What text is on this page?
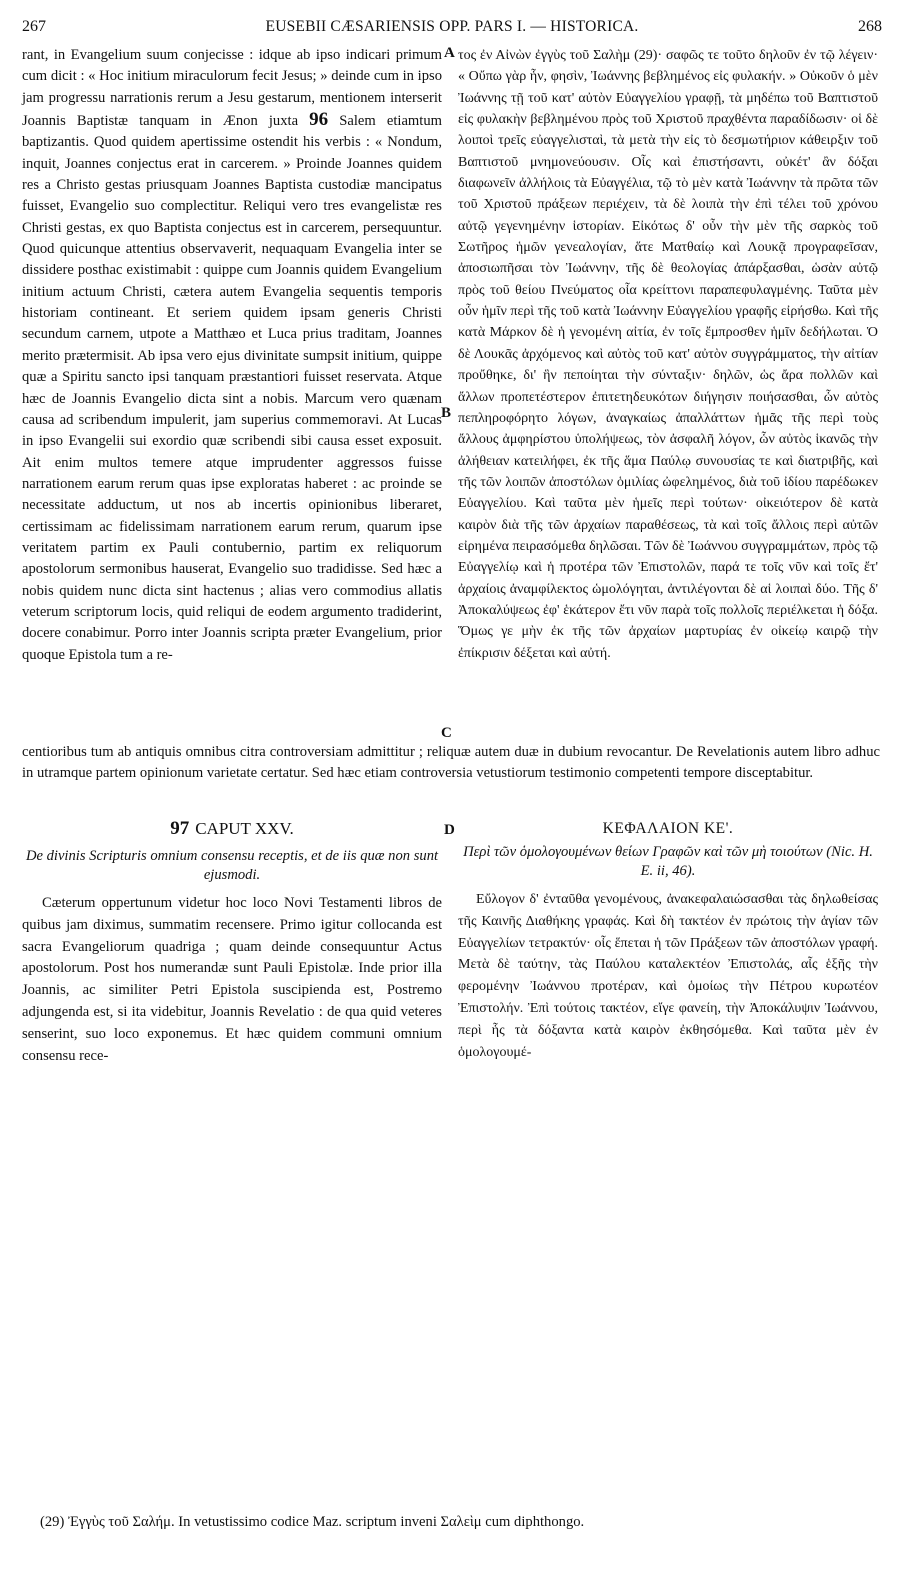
267	EUSEBII CÆSARIENSIS OPP. PARS I. — HISTORICA.	268

rant, in Evangelium suum conjecisse : idque ab ipso indicari primum cum dicit : « Hoc initium miraculorum fecit Jesus; » deinde cum in ipso jam progressu narrationis rerum a Jesu gestarum, mentionem interserit Joannis Baptistæ tanquam in Ænon juxta 96 Salem etiamtum baptizantis. Quod quidem apertissime ostendit his verbis : « Nondum, inquit, Joannes conjectus erat in carcerem. » Proinde Joannes quidem res a Christo gestas priusquam Joannes Baptista custodiæ mancipatus fuisset, Evangelio suo complectitur. Reliqui vero tres evangelistæ res Christi gestas, ex quo Baptista conjectus est in carcerem, persequuntur. Quod quicunque attentius observaverit, nequaquam Evangelia inter se dissidere posthac existimabit : quippe cum Joannis quidem Evangelium initium actuum Christi, cætera autem Evangelia sequentis temporis historiam contineant. Et seriem quidem ipsam generis Christi secundum carnem, utpote a Matthæo et Luca prius traditam, Joannes merito prætermisit. Ab ipsa vero ejus divinitate sumpsit initium, quippe quæ a Spiritu sancto ipsi tanquam præstantiori fuisset reservata. Atque hæc de Joannis Evangelio dicta sint a nobis. Marcum vero quænam causa ad scribendum impulerit, jam superius commemoravi. At Lucas in ipso Evangelii sui exordio quæ scribendi sibi causa esset exposuit. Ait enim multos temere atque imprudenter aggressos fuisse narrationem earum rerum quas ipse exploratas haberet : ac proinde se necessitate adductum, ut nos ab incertis opinionibus liberaret, certissimam ac fidelissimam narrationem earum rerum, quarum ipse veritatem partim ex Pauli contubernio, partim ex reliquorum apostolorum sermonibus hauserat, Evangelio suo tradidisse. Sed hæc a nobis quidem nunc dicta sint hactenus ; alias vero commodius allatis veterum scriptorum locis, quid reliqui de eodem argumento tradiderint, docere conabimur. Porro inter Joannis scripta præter Evangelium, prior quoque Epistola tum a re-

A
B
C
D

τος ἐν Αἰνὼν ἐγγὺς τοῦ Σαλὴμ (29)· σαφῶς τε τοῦτο δηλοῦν ἐν τῷ λέγειν· « Οὔπω γὰρ ἦν, φησὶν, Ἰωάννης βεβλημένος εἰς φυλακήν. » Οὐκοῦν ὁ μὲν Ἰωάννης τῇ τοῦ κατ' αὐτὸν Εὐαγγελίου γραφῇ, τὰ μηδέπω τοῦ Βαπτιστοῦ εἰς φυλακὴν βεβλημένου πρὸς τοῦ Χριστοῦ πραχθέντα παραδίδωσιν· οἱ δὲ λοιποὶ τρεῖς εὐαγγελισταὶ, τὰ μετὰ τὴν εἰς τὸ δεσμωτήριον κάθειρξιν τοῦ Βαπτιστοῦ μνημονεύουσιν. Οἷς καὶ ἐπιστήσαντι, οὐκέτ' ἂν δόξαι διαφωνεῖν ἀλλήλοις τὰ Εὐαγγέλια, τῷ τὸ μὲν κατὰ Ἰωάννην τὰ πρῶτα τῶν τοῦ Χριστοῦ πράξεων περιέχειν, τὰ δὲ λοιπὰ τὴν ἐπὶ τέλει τοῦ χρόνου αὐτῷ γεγενημένην ἱστορίαν. Εἰκότως δ' οὖν τὴν μὲν τῆς σαρκὸς τοῦ Σωτῆρος ἡμῶν γενεαλογίαν, ἅτε Ματθαίῳ καὶ Λουκᾷ προγραφεῖσαν, ἀποσιωπῆσαι τὸν Ἰωάννην, τῆς δὲ θεολογίας ἀπάρξασθαι, ὡσὰν αὐτῷ πρὸς τοῦ θείου Πνεύματος οἷα κρείττονι παραπεφυλαγμένης. Ταῦτα μὲν οὖν ἡμῖν περὶ τῆς τοῦ κατὰ Ἰωάννην Εὐαγγελίου γραφῆς εἰρήσθω. Καὶ τῆς κατὰ Μάρκον δὲ ἡ γενομένη αἰτία, ἐν τοῖς ἔμπροσθεν ἡμῖν δεδήλωται. Ὁ δὲ Λουκᾶς ἀρχόμενος καὶ αὐτὸς τοῦ κατ' αὐτὸν συγγράμματος, τὴν αἰτίαν προὔθηκε, δι' ἣν πεποίηται τὴν σύνταξιν· δηλῶν, ὡς ἄρα πολλῶν καὶ ἄλλων προπετέστερον ἐπιτετηδευκότων διήγησιν ποιήσασθαι, ὧν αὐτὸς πεπληροφόρητο λόγων, ἀναγκαίως ἀπαλλάττων ἡμᾶς τῆς περὶ τοὺς ἄλλους ἀμφηρίστου ὑπολήψεως, τὸν ἀσφαλῆ λόγον, ὧν αὐτὸς ἱκανῶς τὴν ἀλήθειαν κατειλήφει, ἐκ τῆς ἅμα Παύλῳ συνουσίας τε καὶ διατριβῆς, καὶ τῆς τῶν λοιπῶν ἀποστόλων ὁμιλίας ὠφελημένος, διὰ τοῦ ἰδίου παρέδωκεν Εὐαγγελίου. Καὶ ταῦτα μὲν ἡμεῖς περὶ τούτων· οἰκειότερον δὲ κατὰ καιρὸν διὰ τῆς τῶν ἀρχαίων παραθέσεως, τὰ καὶ τοῖς ἄλλοις περὶ αὐτῶν εἰρημένα πειρασόμεθα δηλῶσαι. Τῶν δὲ Ἰωάννου συγγραμμάτων, πρὸς τῷ Εὐαγγελίῳ καὶ ἡ προτέρα τῶν Ἐπιστολῶν, παρά τε τοῖς νῦν καὶ τοῖς ἔτ' ἀρχαίοις ἀναμφίλεκτος ὡμολόγηται, ἀντιλέγονται δὲ αἱ λοιπαὶ δύο. Τῆς δ' Ἀποκαλύψεως ἐφ' ἑκάτερον ἔτι νῦν παρὰ τοῖς πολλοῖς περιέλκεται ἡ δόξα. Ὅμως γε μὴν ἐκ τῆς τῶν ἀρχαίων μαρτυρίας ἐν οἰκείῳ καιρῷ τὴν ἐπίκρισιν δέξεται καὶ αὐτή.

centioribus tum ab antiquis omnibus citra controversiam admittitur ; reliquæ autem duæ in dubium revocantur. De Revelationis autem libro adhuc in utramque partem opinionum varietate certatur. Sed hæc etiam controversia vetustiorum testimonio competenti tempore disceptabitur.

97 CAPUT XXV.	ΚΕΦΑΛΑΙΟΝ ΚΕ'.
De divinis Scripturis omnium consensu receptis, et de iis quæ non sunt ejusmodi.
Περὶ τῶν ὁμολογουμένων θείων Γραφῶν καὶ τῶν μὴ τοιούτων (Nic. H. E. ii, 46).
Cæterum oppertunum videtur hoc loco Novi Testamenti libros de quibus jam diximus, summatim recensere. Primo igitur collocanda est sacra Evangeliorum quadriga ; quam deinde consequuntur Actus apostolorum. Post hos numerandæ sunt Pauli Epistolæ. Inde prior illa Joannis, ac similiter Petri Epistola suscipienda est, Postremo adjungenda est, si ita videbitur, Joannis Revelatio : de qua quid veteres senserint, suo loco exponemus. Et hæc quidem communi omnium consensu rece-
Εὔλογον δ' ἐνταῦθα γενομένους, ἀνακεφαλαιώσασθαι τὰς δηλωθείσας τῆς Καινῆς Διαθήκης γραφάς. Καὶ δὴ τακτέον ἐν πρώτοις τὴν ἁγίαν τῶν Εὐαγγελίων τετρακτύν· οἷς ἕπεται ἡ τῶν Πράξεων τῶν ἀποστόλων γραφή. Μετὰ δὲ ταύτην, τὰς Παύλου καταλεκτέον Ἐπιστολάς, αἷς ἑξῆς τὴν φερομένην Ἰωάννου προτέραν, καὶ ὁμοίως τὴν Πέτρου κυρωτέον Ἐπιστολήν. Ἐπὶ τούτοις τακτέον, εἴγε φανείη, τὴν Ἀποκάλυψιν Ἰωάννου, περὶ ἧς τὰ δόξαντα κατὰ καιρὸν ἐκθησόμεθα. Καὶ ταῦτα μὲν ἐν ὁμολογουμέ-
(29) Ἐγγὺς τοῦ Σαλήμ. In vetustissimo codice Maz. scriptum inveni Σαλεὶμ cum diphthongo.
